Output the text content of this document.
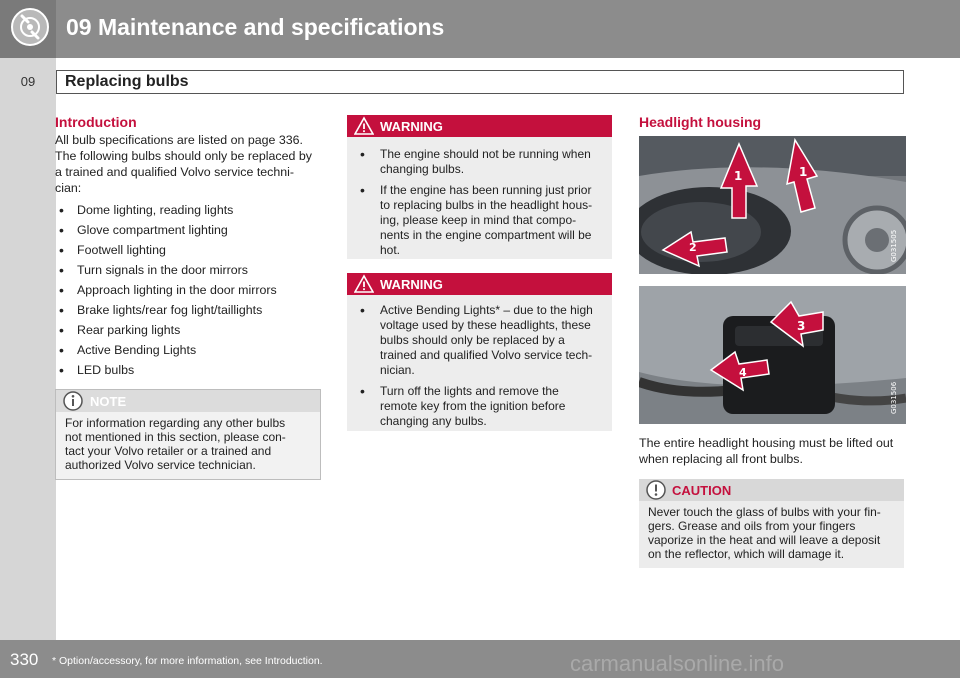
09 Maintenance and specifications
09	Replacing bulbs
Introduction
All bulb specifications are listed on page 336.
The following bulbs should only be replaced by
a trained and qualified Volvo service techni-
cian:
• Dome lighting, reading lights
• Glove compartment lighting
• Footwell lighting
• Turn signals in the door mirrors
• Approach lighting in the door mirrors
• Brake lights/rear fog light/taillights
• Rear parking lights
• Active Bending Lights
• LED bulbs
NOTE
For information regarding any other bulbs
not mentioned in this section, please con-
tact your Volvo retailer or a trained and
authorized Volvo service technician.
WARNING
• The engine should not be running when
changing bulbs.
• If the engine has been running just prior
to replacing bulbs in the headlight hous-
ing, please keep in mind that compo-
nents in the engine compartment will be
hot.
WARNING
• Active Bending Lights* – due to the high
voltage used by these headlights, these
bulbs should only be replaced by a
trained and qualified Volvo service tech-
nician.
• Turn off the lights and remove the
remote key from the ignition before
changing any bulbs.
Headlight housing
1	1
2	G031505
3
4
G031506
The entire headlight housing must be lifted out
when replacing all front bulbs.
CAUTION
Never touch the glass of bulbs with your fin-
gers. Grease and oils from your fingers
vaporize in the heat and will leave a deposit
on the reflector, which will damage it.
330 * Option/accessory, for more information, see Introduction.	carmanualsonline.info
